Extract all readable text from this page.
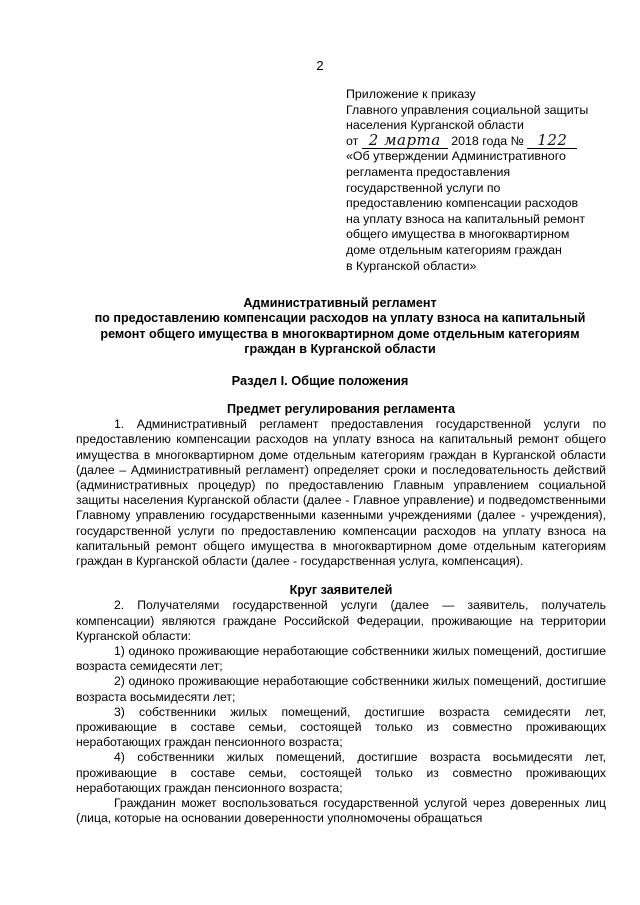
2
Приложение к приказу
Главного управления социальной защиты
населения Курганской области
от 2 марта 2018 года № 122
«Об утверждении Административного
регламента предоставления
государственной услуги по
предоставлению компенсации расходов
на уплату взноса на капитальный ремонт
общего имущества в многоквартирном
доме отдельным категориям граждан
в Курганской области»
Административный регламент
по предоставлению компенсации расходов на уплату взноса на капитальный
ремонт общего имущества в многоквартирном доме отдельным категориям
граждан в Курганской области
Раздел I. Общие положения
Предмет регулирования регламента

1. Административный регламент предоставления государственной услуги по предоставлению компенсации расходов на уплату взноса на капитальный ремонт общего имущества в многоквартирном доме отдельным категориям граждан в Курганской области (далее – Административный регламент) определяет сроки и последовательность действий (административных процедур) по предоставлению Главным управлением социальной защиты населения Курганской области (далее - Главное управление) и подведомственными Главному управлению государственными казенными учреждениями (далее - учреждения), государственной услуги по предоставлению компенсации расходов на уплату взноса на капитальный ремонт общего имущества в многоквартирном доме отдельным категориям граждан в Курганской области (далее - государственная услуга, компенсация).

Круг заявителей

2. Получателями государственной услуги (далее — заявитель, получатель компенсации) являются граждане Российской Федерации, проживающие на территории Курганской области:

1) одиноко проживающие неработающие собственники жилых помещений, достигшие возраста семидесяти лет;

2) одиноко проживающие неработающие собственники жилых помещений, достигшие возраста восьмидесяти лет;

3) собственники жилых помещений, достигшие возраста семидесяти лет, проживающие в составе семьи, состоящей только из совместно проживающих неработающих граждан пенсионного возраста;

4) собственники жилых помещений, достигшие возраста восьмидесяти лет, проживающие в составе семьи, состоящей только из совместно проживающих неработающих граждан пенсионного возраста;

Гражданин может воспользоваться государственной услугой через доверенных лиц (лица, которые на основании доверенности уполномочены обращаться
